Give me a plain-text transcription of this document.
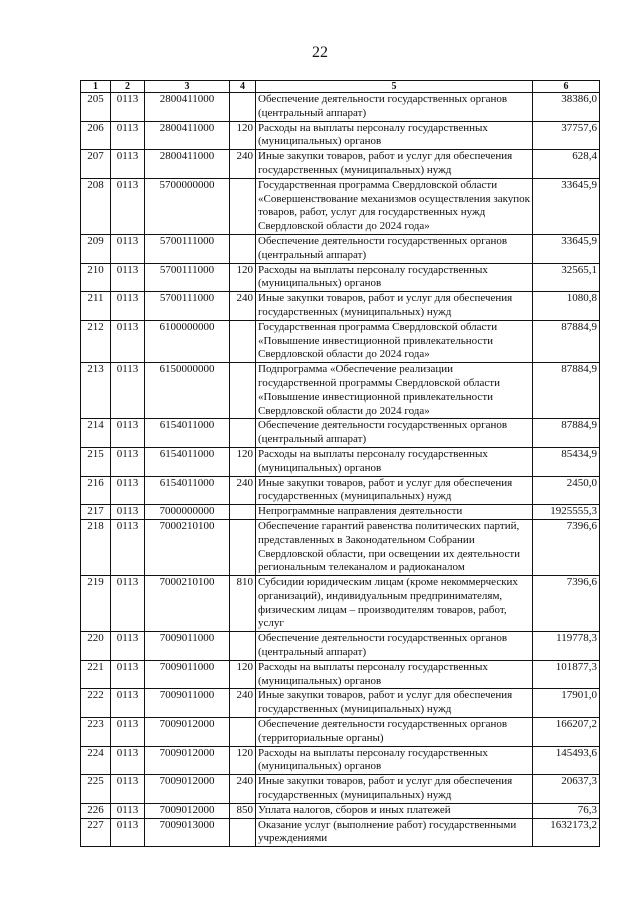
22
1	2	3	4	5	6
205	0113	2800411000		Обеспечение деятельности государственных органов (центральный аппарат)	38386,0
206	0113	2800411000	120	Расходы на выплаты персоналу государственных (муниципальных) органов	37757,6
207	0113	2800411000	240	Иные закупки товаров, работ и услуг для обеспечения государственных (муниципальных) нужд	628,4
208	0113	5700000000		Государственная программа Свердловской области «Совершенствование механизмов осуществления закупок товаров, работ, услуг для государственных нужд Свердловской области до 2024 года»	33645,9
209	0113	5700111000		Обеспечение деятельности государственных органов (центральный аппарат)	33645,9
210	0113	5700111000	120	Расходы на выплаты персоналу государственных (муниципальных) органов	32565,1
211	0113	5700111000	240	Иные закупки товаров, работ и услуг для обеспечения государственных (муниципальных) нужд	1080,8
212	0113	6100000000		Государственная программа Свердловской области «Повышение инвестиционной привлекательности Свердловской области до 2024 года»	87884,9
213	0113	6150000000		Подпрограмма «Обеспечение реализации государственной программы Свердловской области «Повышение инвестиционной привлекательности Свердловской области до 2024 года»	87884,9
214	0113	6154011000		Обеспечение деятельности государственных органов (центральный аппарат)	87884,9
215	0113	6154011000	120	Расходы на выплаты персоналу государственных (муниципальных) органов	85434,9
216	0113	6154011000	240	Иные закупки товаров, работ и услуг для обеспечения государственных (муниципальных) нужд	2450,0
217	0113	7000000000		Непрограммные направления деятельности	1925555,3
218	0113	7000210100		Обеспечение гарантий равенства политических партий, представленных в Законодательном Собрании Свердловской области, при освещении их деятельности региональным телеканалом и радиоканалом	7396,6
219	0113	7000210100	810	Субсидии юридическим лицам (кроме некоммерческих организаций), индивидуальным предпринимателям, физическим лицам – производителям товаров, работ, услуг	7396,6
220	0113	7009011000		Обеспечение деятельности государственных органов (центральный аппарат)	119778,3
221	0113	7009011000	120	Расходы на выплаты персоналу государственных (муниципальных) органов	101877,3
222	0113	7009011000	240	Иные закупки товаров, работ и услуг для обеспечения государственных (муниципальных) нужд	17901,0
223	0113	7009012000		Обеспечение деятельности государственных органов (территориальные органы)	166207,2
224	0113	7009012000	120	Расходы на выплаты персоналу государственных (муниципальных) органов	145493,6
225	0113	7009012000	240	Иные закупки товаров, работ и услуг для обеспечения государственных (муниципальных) нужд	20637,3
226	0113	7009012000	850	Уплата налогов, сборов и иных платежей	76,3
227	0113	7009013000		Оказание услуг (выполнение работ) государственными учреждениями	1632173,2
